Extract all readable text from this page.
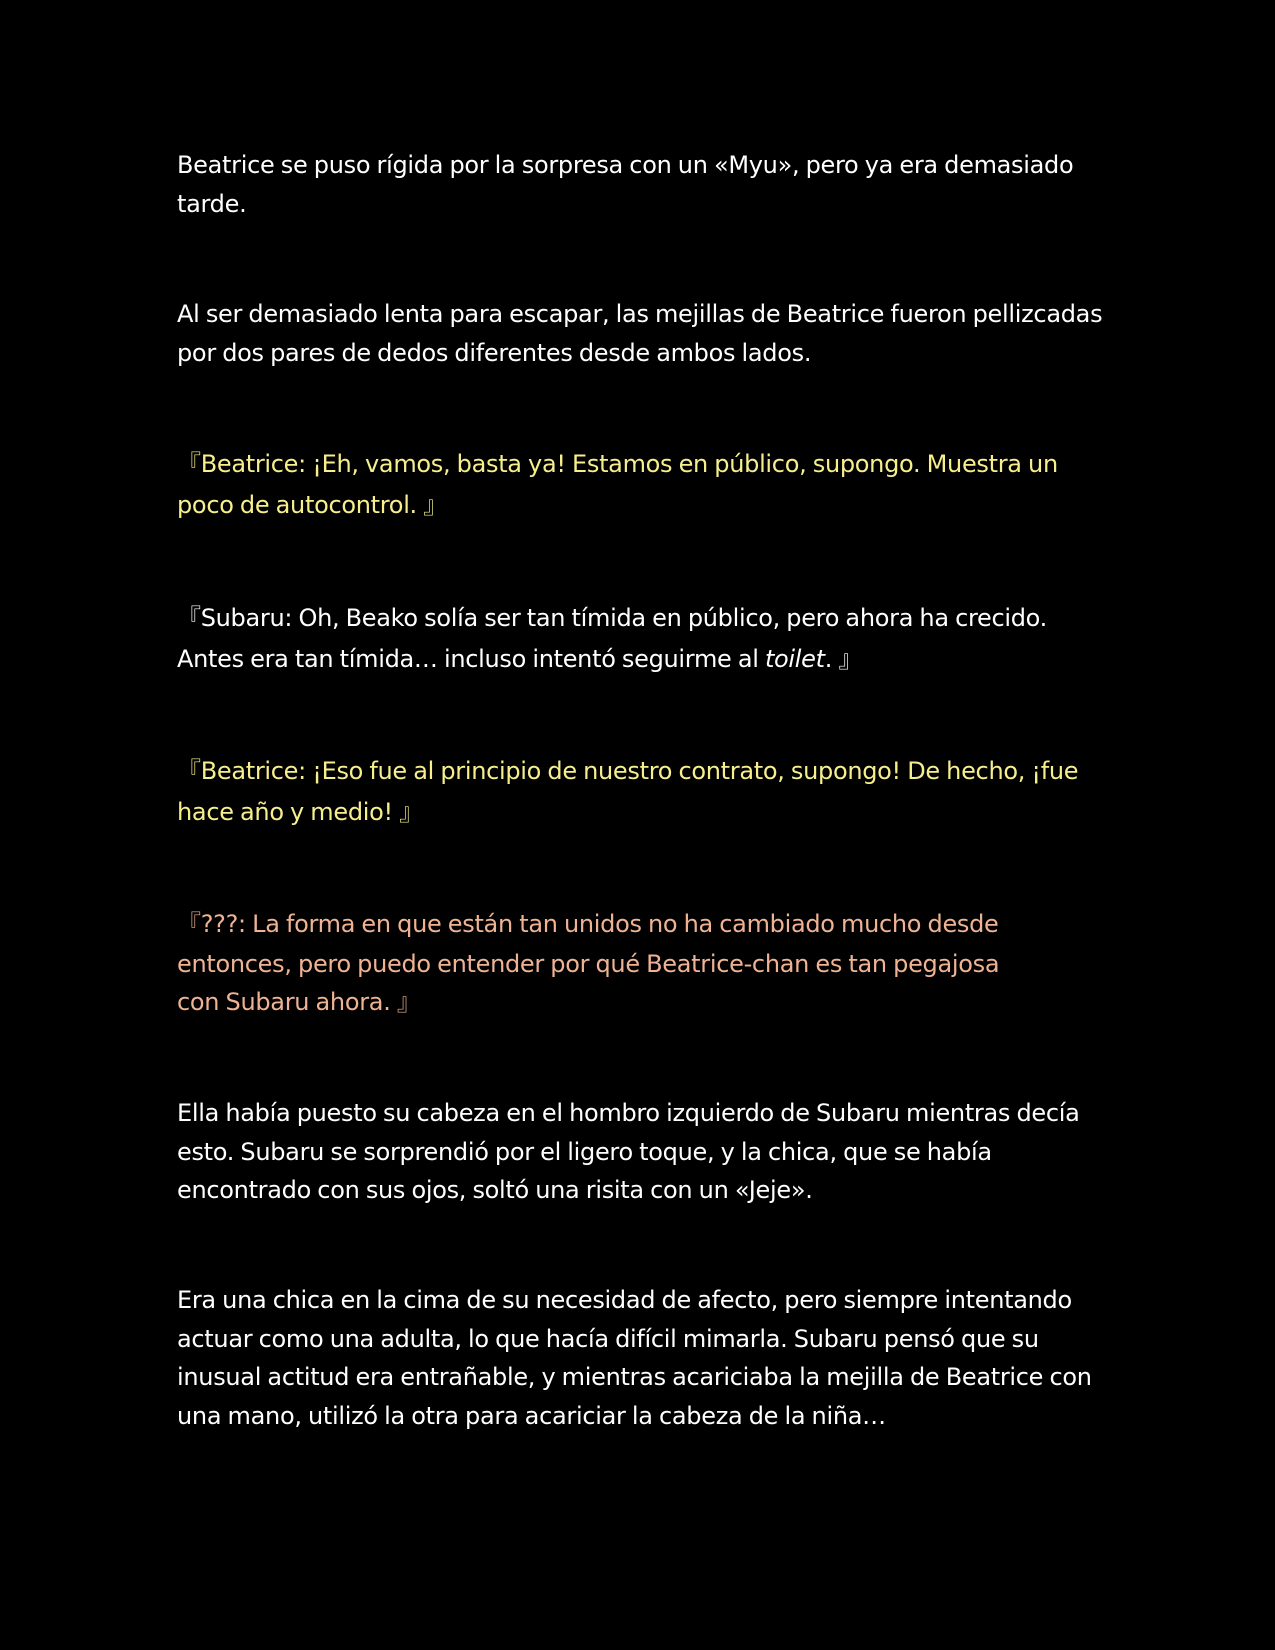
Beatrice se puso rígida por la sorpresa con un «Myu», pero ya era demasiado tarde.

Al ser demasiado lenta para escapar, las mejillas de Beatrice fueron pellizcadas por dos pares de dedos diferentes desde ambos lados.

『Beatrice: ¡Eh, vamos, basta ya! Estamos en público, supongo. Muestra un poco de autocontrol. 』

『Subaru: Oh, Beako solía ser tan tímida en público, pero ahora ha crecido. Antes era tan tímida… incluso intentó seguirme al toilet. 』

『Beatrice: ¡Eso fue al principio de nuestro contrato, supongo! De hecho, ¡fue hace año y medio! 』

『???: La forma en que están tan unidos no ha cambiado mucho desde
entonces, pero puedo entender por qué Beatrice-chan es tan pegajosa
con Subaru ahora. 』

Ella había puesto su cabeza en el hombro izquierdo de Subaru mientras decía esto. Subaru se sorprendió por el ligero toque, y la chica, que se había encontrado con sus ojos, soltó una risita con un «Jeje».

Era una chica en la cima de su necesidad de afecto, pero siempre intentando actuar como una adulta, lo que hacía difícil mimarla. Subaru pensó que su inusual actitud era entrañable, y mientras acariciaba la mejilla de Beatrice con una mano, utilizó la otra para acariciar la cabeza de la niña…
